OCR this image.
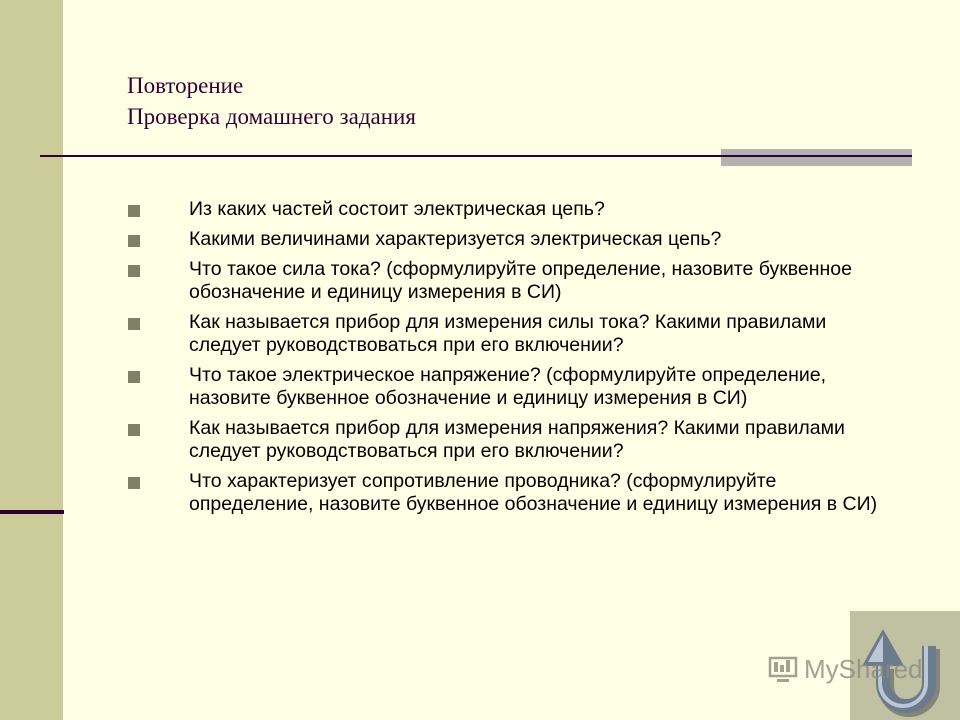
Повторение
Проверка домашнего задания
Из каких частей состоит электрическая цепь?
Какими величинами характеризуется электрическая цепь?
Что такое сила тока? (сформулируйте определение, назовите буквенное обозначение и единицу измерения в СИ)
Как называется прибор для измерения силы тока? Какими правилами следует руководствоваться при его включении?
Что такое электрическое напряжение? (сформулируйте определение, назовите буквенное обозначение и единицу измерения в СИ)
Как называется прибор для измерения напряжения? Какими правилами следует руководствоваться при его включении?
Что характеризует сопротивление проводника? (сформулируйте определение, назовите буквенное обозначение и единицу измерения в СИ)
MyShared
